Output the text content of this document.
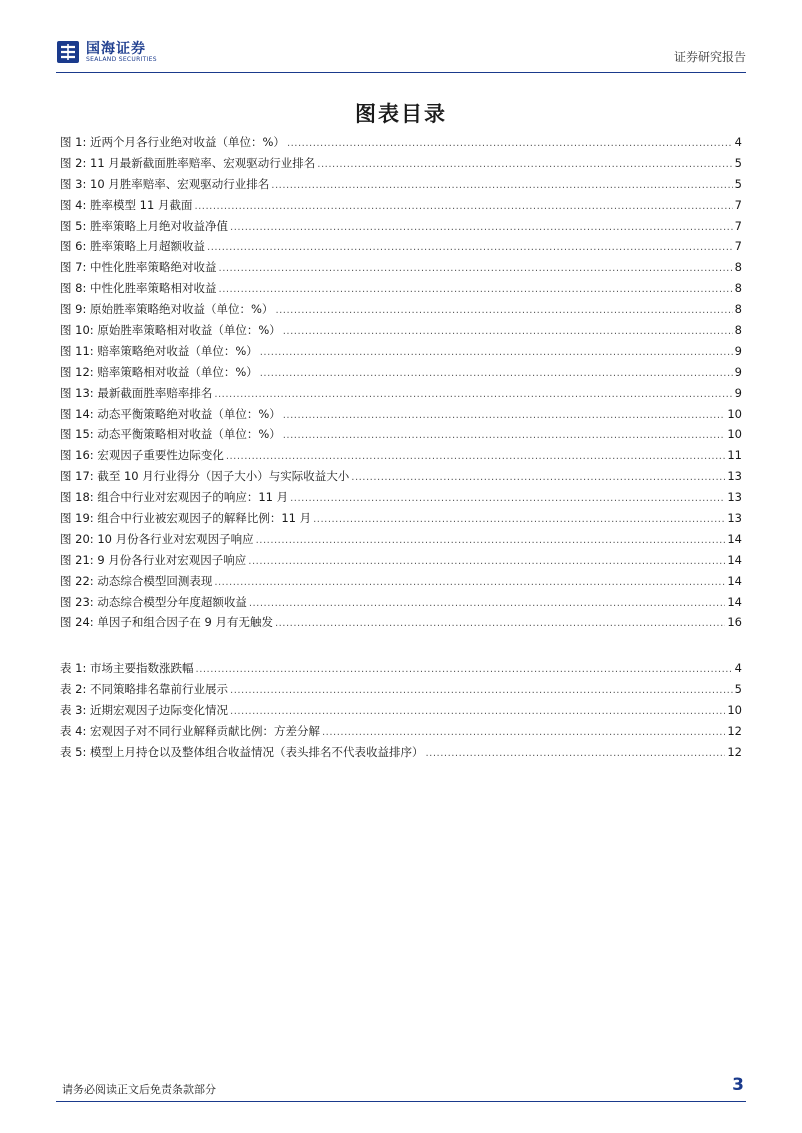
国海证券
SEALAND SECURITIES	证券研究报告
图表目录
图 1: 近两个月各行业绝对收益（单位：%） .....	4
图 2: 11 月最新截面胜率赔率、宏观驱动行业排名 .....	5
图 3: 10 月胜率赔率、宏观驱动行业排名 .....	5
图 4: 胜率模型 11 月截面 .....	7
图 5: 胜率策略上月绝对收益净值 .....	7
图 6: 胜率策略上月超额收益 .....	7
图 7: 中性化胜率策略绝对收益 .....	8
图 8: 中性化胜率策略相对收益 .....	8
图 9: 原始胜率策略绝对收益（单位：%） .....	8
图 10: 原始胜率策略相对收益（单位：%） .....	8
图 11: 赔率策略绝对收益（单位：%） .....	9
图 12: 赔率策略相对收益（单位：%） .....	9
图 13: 最新截面胜率赔率排名 .....	9
图 14: 动态平衡策略绝对收益（单位：%） .....	10
图 15: 动态平衡策略相对收益（单位：%） .....	10
图 16: 宏观因子重要性边际变化 .....	11
图 17: 截至 10 月行业得分（因子大小）与实际收益大小 .....	13
图 18: 组合中行业对宏观因子的响应：11 月 .....	13
图 19: 组合中行业被宏观因子的解释比例：11 月 .....	13
图 20: 10 月份各行业对宏观因子响应 .....	14
图 21: 9 月份各行业对宏观因子响应 .....	14
图 22: 动态综合模型回测表现 .....	14
图 23: 动态综合模型分年度超额收益 .....	14
图 24: 单因子和组合因子在 9 月有无触发 .....	16
表 1: 市场主要指数涨跌幅 .....	4
表 2: 不同策略排名靠前行业展示 .....	5
表 3: 近期宏观因子边际变化情况 .....	10
表 4: 宏观因子对不同行业解释贡献比例：方差分解 .....	12
表 5: 模型上月持仓以及整体组合收益情况（表头排名不代表收益排序） .....	12
请务必阅读正文后免责条款部分	3
